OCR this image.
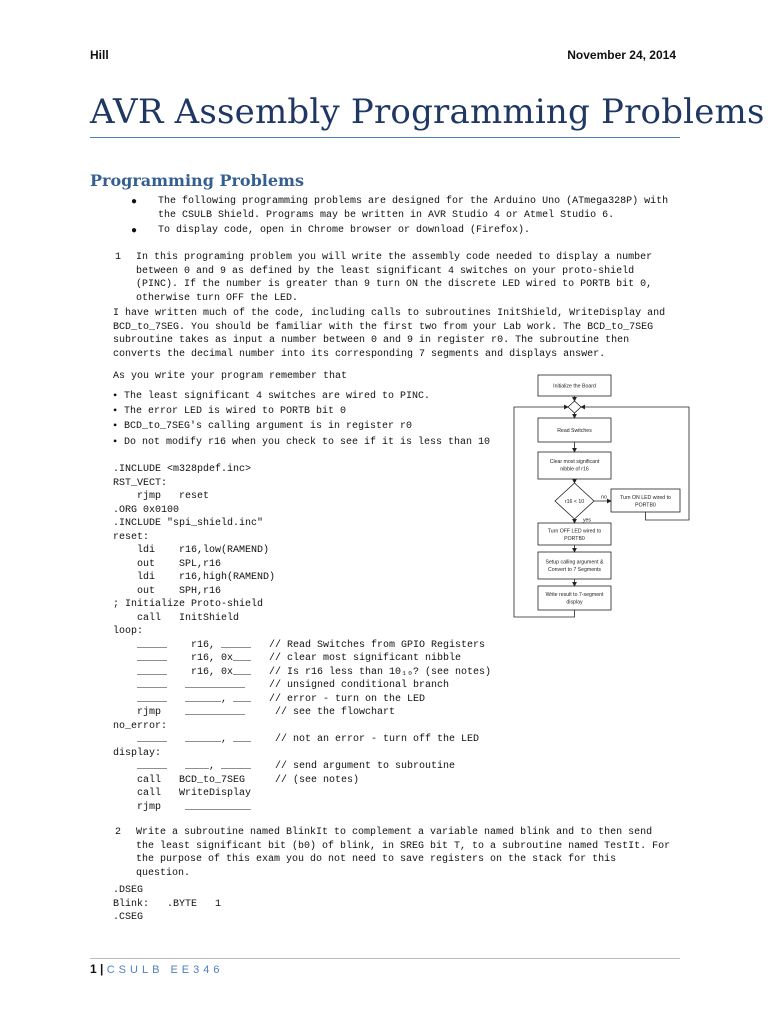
Hill	November 24, 2014
AVR Assembly Programming Problems
Programming Problems
● The following programming problems are designed for the Arduino Uno (ATmega328P) with
the CSULB Shield. Programs may be written in AVR Studio 4 or Atmel Studio 6.
● To display code, open in Chrome browser or download (Firefox).
1 In this programing problem you will write the assembly code needed to display a number
between 0 and 9 as defined by the least significant 4 switches on your proto-shield
(PINC). If the number is greater than 9 turn ON the discrete LED wired to PORTB bit 0,
otherwise turn OFF the LED.
I have written much of the code, including calls to subroutines InitShield, WriteDisplay and
BCD_to_7SEG. You should be familiar with the first two from your Lab work. The BCD_to_7SEG
subroutine takes as input a number between 0 and 9 in register r0. The subroutine then
converts the decimal number into its corresponding 7 segments and displays answer.
As you write your program remember that
• The least significant 4 switches are wired to PINC.
• The error LED is wired to PORTB bit 0
• BCD_to_7SEG's calling argument is in register r0
• Do not modify r16 when you check to see if it is less than 10
.INCLUDE <m328pdef.inc>
RST_VECT:
rjmp   reset
.ORG 0x0100
.INCLUDE "spi_shield.inc"
reset:
ldi    r16,low(RAMEND)
out    SPL,r16
ldi    r16,high(RAMEND)
out    SPH,r16
; Initialize Proto-shield
call   InitShield
loop:
_____    r16, _____   // Read Switches from GPIO Registers
_____    r16, 0x___   // clear most significant nibble
_____    r16, 0x___   // Is r16 less than 10₁₀? (see notes)
_____   __________    // unsigned conditional branch
_____   ______, ___   // error - turn on the LED
rjmp    __________     // see the flowchart
no_error:
_____   ______, ___    // not an error - turn off the LED
display:
_____   ____, _____    // send argument to subroutine
call   BCD_to_7SEG     // (see notes)
call   WriteDisplay
rjmp    ___________
Initialize the Board
Read Switches
Clear most significant
nibble of r16
r16 < 10
no	Turn ON LED wired to
PORTB0
yes
Turn OFF LED wired to
PORTB0
Setup calling argument &
Convert to 7 Segments
Write result to 7-segment
display
2 Write a subroutine named BlinkIt to complement a variable named blink and to then send
the least significant bit (b0) of blink, in SREG bit T, to a subroutine named TestIt. For
the purpose of this exam you do not need to save registers on the stack for this
question.
.DSEG
Blink:   .BYTE   1
.CSEG
1 | CSULB EE346
